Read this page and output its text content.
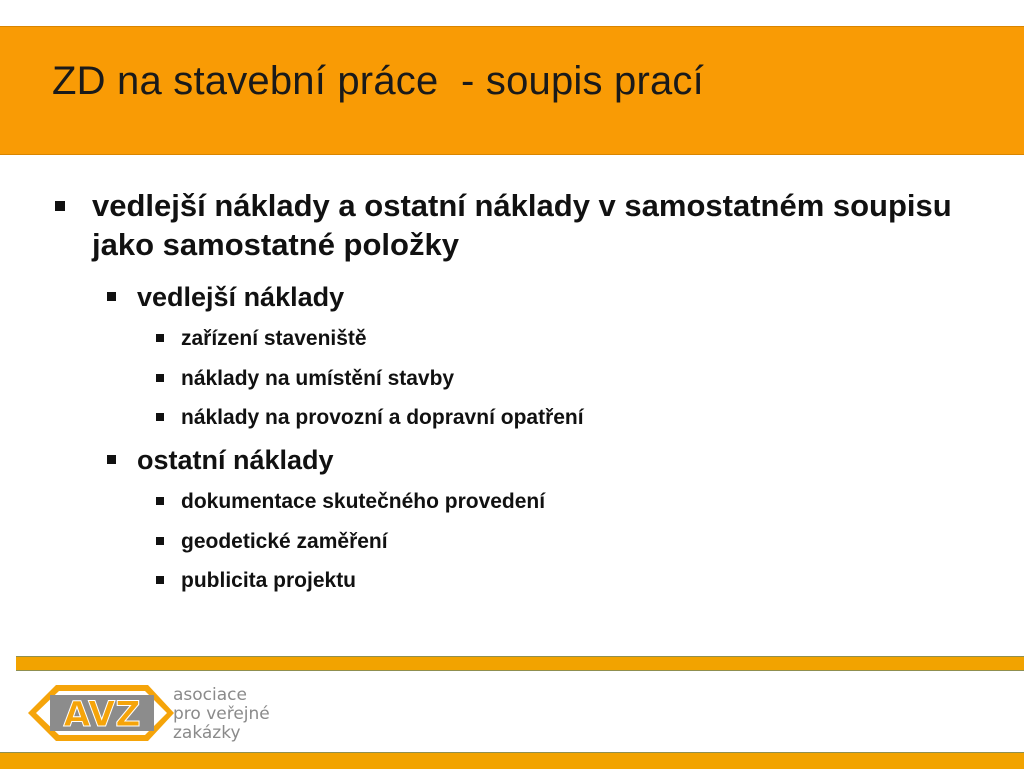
ZD na stavební práce  - soupis prací
vedlejší náklady a ostatní náklady v samostatném soupisu jako samostatné položky
vedlejší náklady
zařízení staveniště
náklady na umístění stavby
náklady na provozní a dopravní opatření
ostatní náklady
dokumentace skutečného provedení
geodetické zaměření
publicita projektu
AVZ asociace
pro veřejné
zakázky
